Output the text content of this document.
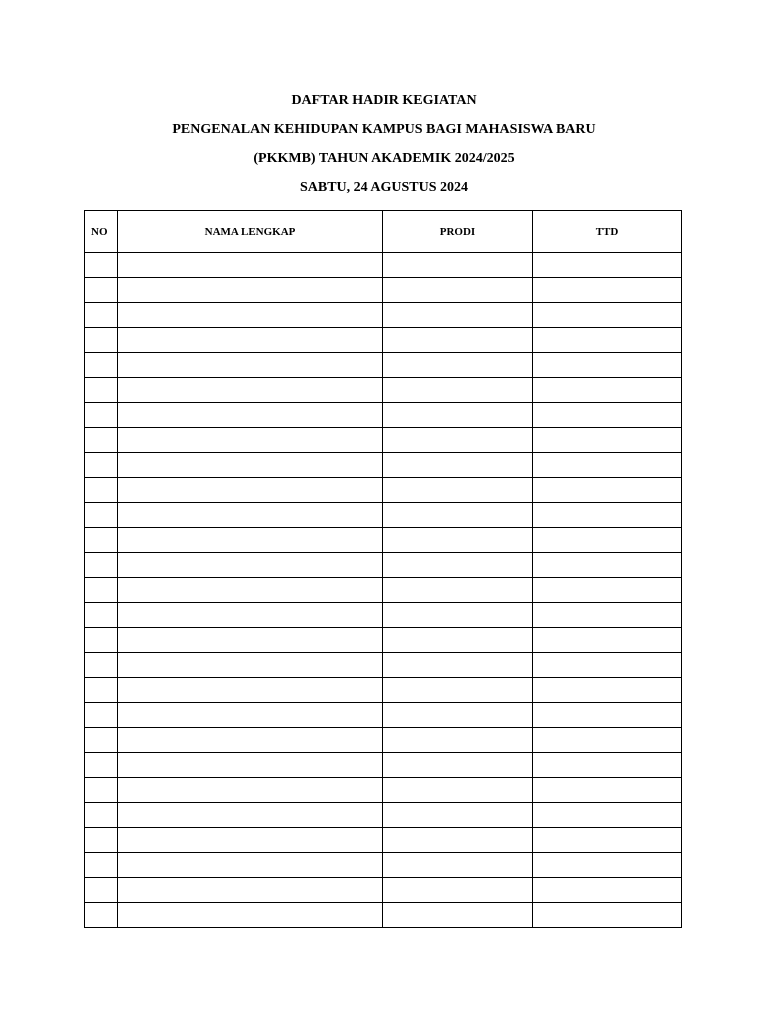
DAFTAR HADIR KEGIATAN
PENGENALAN KEHIDUPAN KAMPUS BAGI MAHASISWA BARU
(PKKMB) TAHUN AKADEMIK 2024/2025
SABTU, 24 AGUSTUS 2024
NO	NAMA LENGKAP	PRODI	TTD
